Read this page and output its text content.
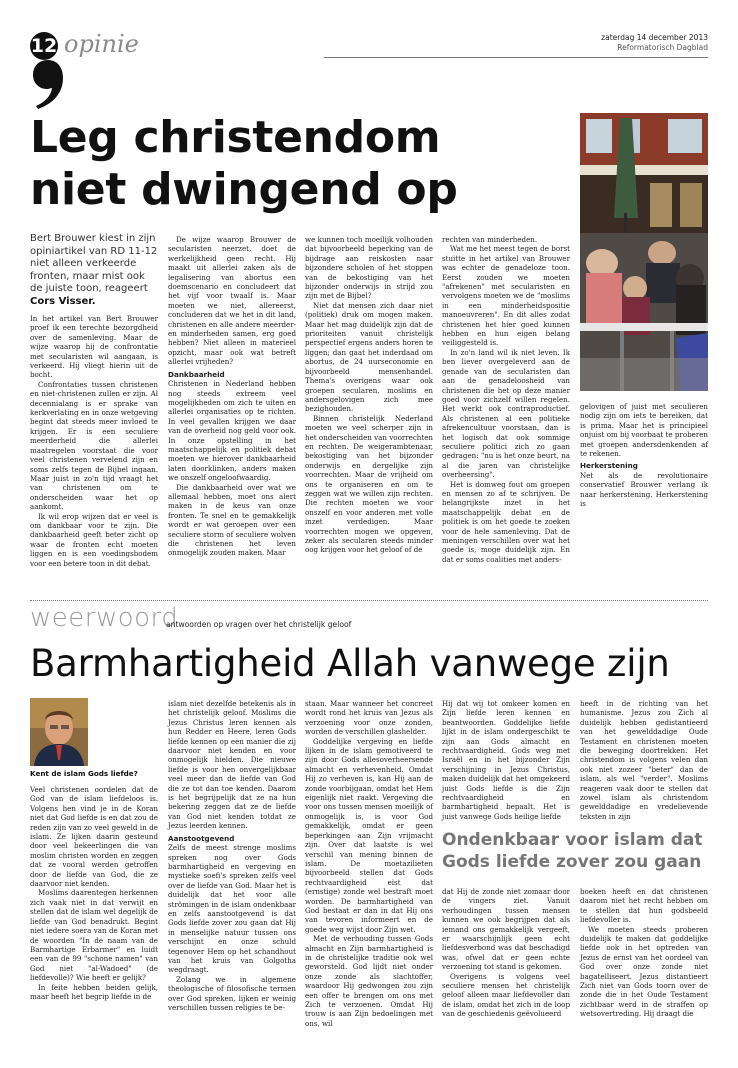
12 opinie	zaterdag 14 december 2013
Reformatorisch Dagblad
Leg christendom
niet dwingend op
Bert Brouwer kiest in zijn opiniartikel van RD 11-12 niet alleen verkeerde fronten, maar mist ook de juiste toon, reageert Cors Visser.

In het artikel van Bert Brouwer proef ik een terechte bezorgdheid over de samenleving. Maar de wijze waarop hij de confrontatie met secularisten wil aangaan, is verkeerd. Hij vliegt hierin uit de bocht.

Confrontaties tussen christenen en niet-christenen zullen er zijn. Al decennialang is er sprake van kerkverlating en in onze wetgeving begint dat steeds meer invloed te krijgen. Er is een seculiere meerderheid die allerlei maatregelen voorstaat die voor veel christenen vervelend zijn en soms zelfs tegen de Bijbel ingaan. Maar juist in zo'n tijd vraagt het van christenen om te onderscheiden waar het op aankomt.

Ik wil erop wijzen dat er veel is om dankbaar voor te zijn. Die dankbaarheid geeft beter zicht op waar de fronten echt moeten liggen en is een voedingsbodem voor een betere toon in dit debat.

De wijze waarop Brouwer de secularisten neerzet, doet de werkelijkheid geen recht. Hij maakt uit allerlei zaken als de legalisering van abortus een doemscenario en concludeert dat het vijf voor twaalf is. Maar moeten we niet, allereerst, concluderen dat we het in dit land, christenen en alle andere meerder- en minderheden samen, erg goed hebben? Niet alleen in materieel opzicht, maar ook wat betreft allerlei vrijheden?

Dankbaarheid

Christenen in Nederland hebben nog steeds extreem veel mogelijkheden om zich te uiten en allerlei organisaties op te richten. In veel gevallen krijgen we daar van de overheid nog geld voor ook. In onze opstelling in het maatschappelijk en politiek debat moeten we hierover dankbaarheid laten doorklinken, anders maken we onszelf ongeloofwaardig.

Die dankbaarheid over wat we allemaal hebben, moet ons alert maken in de keus van onze fronten. Te snel en te gemakkelijk wordt er wat geroepen over een seculiere storm of seculiere wolven die christenen het leven onmogelijk zouden maken. Maar

we kunnen toch moeilijk volhouden dat bijvoorbeeld beperking van de bijdrage aan reiskosten naar bijzondere scholen of het stoppen van de bekostiging van het bijzonder onderwijs in strijd zou zijn met de Bijbel?

Niet dat mensen zich daar niet (politiek) druk om mogen maken. Maar het mag duidelijk zijn dat de prioriteiten vanuit christelijk perspectief ergens anders horen te liggen; dan gaat het inderdaad om abortus, de 24 uurseconomie en bijvoorbeeld mensenhandel. Thema's overigens waar ook groepen secularen, moslims en andersgelovigen zich mee bezighouden.

Binnen christelijk Nederland moeten we veel scherper zijn in het onderscheiden van voorrechten en rechten. De weigerambtenaar, bekostiging van het bijzonder onderwijs en dergelijke zijn voorrechten. Maar de vrijheid om ons te organiseren en om te zeggen wat we willen zijn rechten. Die rechten moeten we voor onszelf en voor anderen met volle inzet verdedigen. Maar voorrechten mogen we opgeven, zeker als secularen steeds minder oog krijgen voor het geloof of de

rechten van minderheden.

Wat me het meest tegen de borst stuitte in het artikel van Brouwer was echter de genadeloze toon. Eerst zouden we moeten "afrekenen" met secularisten en vervolgens moeten we de "moslims in een minderheidspositie manoeuvreren". En dit alles zodat christenen het hier goed kunnen hebben en hun eigen belang veiliggesteld is.

In zo'n land wil ik niet leven. Ik ben liever overgeleverd aan de genade van de secularisten dan aan de genadeloosheid van christenen die het op deze manier goed voor zichzelf willen regelen. Het werkt ook contraproductief. Als christenen al een politieke afrekencultuur voorstaan, dan is het logisch dat ook sommige seculiere politici zich zo gaan gedragen: "nu is het onze beurt, na al die jaren van christelijke overheersing".

Het is domweg fout om groepen en mensen zo af te schrijven. De belangrijkste inzet in het maatschappelijk debat en de politiek is om het goede te zoeken voor de hele samenleving. Dat de meningen verschillen over wat het goede is, moge duidelijk zijn. En dat er soms coalities met anders-

gelovigen of juist met seculieren nodig zijn om iets te bereiken, dat is prima. Maar het is principieel onjuist om bij voorbaat te proberen met groepen andersdenkenden af te rekenen.

Herkerstening

Net als de revolutionaire conservatief Brouwer verlang ik naar herkerstening. Herkerstening is

weerwoord
antwoorden op vragen over het christelijk geloof
Barmhartigheid Allah vanwege zijn
Kent de islam Gods liefde?

Veel christenen oordelen dat de God van de islam liefdeloos is. Volgens hen vind je in de Koran niet dat God liefde is en dat zou de reden zijn van zo veel geweld in de islam. Ze lijken daarin gesteund door veel bekeerlingen die van moslim christen worden en zeggen dat ze vooral werden getroffen door de liefde van God, die ze daarvoor niet kenden.

Moslims daarentegen herkennen zich vaak niet in dat verwijt en stellen dat de islam wel degelijk de liefde van God benadrukt. Begint niet iedere soera van de Koran met de woorden "In de naam van de Barmhartige Erbarmer" en luidt een van de 99 "schone namen" van God niet "al-Wadoed" (de liefdevolle)? Wie heeft er gelijk?

In feite hebben beiden gelijk, maar heeft het begrip liefde in de

islam niet dezelfde betekenis als in het christelijk geloof. Moslims die Jezus Christus leren kennen als hun Redder en Heere, leren Gods liefde kennen op een manier die zij daarvoor niet kenden en voor onmogelijk hielden. Die nieuwe liefde is voor hen onvergelijkbaar veel meer dan de liefde van God die ze tot dan toe kenden. Daarom is het begrijpelijk dat ze na hun bekering zeggen dat ze de liefde van God niet kenden totdat ze Jezus leerden kennen.

Aanstootgevend

Zelfs de meest strenge moslims spreken nog over Gods barmhartigheid en vergeving en mystieke soefi's spreken zelfs veel over de liefde van God. Maar het is duidelijk dat het voor alle strömingen in de islam ondenkbaar en zelfs aanstootgevend is dat Gods liefde zover zou gaan dat Hij in menselijke natuur tussen ons verschijnt en onze schuld tegenover Hem op het schandhout van het kruis van Golgotha wegdraagt.

Zolang we in algemene theologische of filosofische termen over God spreken, lijken er weinig verschillen tussen religies te be-

staan. Maar wanneer het concreet wordt rond het kruis van Jezus als verzoening voor onze zonden, worden de verschillen glashelder.

Goddelijke vergeving en liefde lijken in de islam gemotiveerd te zijn door Gods allesoverheersende almacht en verhevenheid. Omdat Hij zo verheven is, kan Hij aan de zonde voorbijgaan, omdat het Hem eigenlijk niet raakt. Vergeving die voor ons tussen mensen moeilijk of onmogelijk is, is voor God gemakkelijk, omdat er geen beperkingen aan Zijn vrijmacht zijn. Over dat laatste is wel verschil van mening binnen de islam. De moetazilieten bijvoorbeeld stellen dat Gods rechtvaardigheid eist dat (ernstige) zonde wel bestraft moet worden. De barmhartigheid van God bestaat er dan in dat Hij ons van tevoren informeert en de goede weg wijst door Zijn wet.

Met de verhouding tussen Gods almacht en Zijn barmhartigheid is in de christelijke traditie ook wel geworsteld. God lijdt niet onder onze zonde als slachtoffer, waardoor Hij gedwongen zou zijn een offer te brengen om ons met Zich te verzoenen. Omdat Hij trouw is aan Zijn bedoelingen met ons, wil

Hij dat wij tot omkeer komen en Zijn liefde leren kennen en beantwoorden. Goddelijke liefde lijkt in de islam ondergeschikt te zijn aan Gods almacht en rechtvaardigheid. Gods weg met Israël en in het bijzonder Zijn verschijning in Jezus Christus, maken duidelijk dat het omgekeerd juist Gods liefde is die Zijn rechtvaardigheid en barmhartigheid bepaalt. Het is juist vanwege Gods heilige liefde

heeft in de richting van het humanisme. Jezus zou Zich al duidelijk hebben gedistantieerd van het gewelddadige Oude Testament en christenen moeten die beweging doortrekken. Het christendom is volgens velen dan ook niet zozeer "beter" dan de islam, als wel "verder". Moslims reageren vaak door te stellen dat zowel islam als christendom gewelddadige en vredelievende teksten in zijn

Ondenkbaar voor islam dat Gods liefde zover zou gaan

dat Hij de zonde niet zomaar door de vingers ziet. Vanuit verhoudingen tussen mensen kunnen we ook begrijpen dat als iemand ons gemakkelijk vergeeft, er waarschijnlijk geen echt liefdesverbond was dat beschadigd was, ofwel dat er geen echte verzoening tot stand is gekomen.

Overigens is volgens veel seculiere mensen het christelijk geloof alleen maar liefdevoller dan de islam, omdat het zich in de loop van de geschiedenis geëvolueerd

boeken heeft en dat christenen daarom niet het recht hebben om te stellen dat hun godsbeeld liefdevoller is.

We moeten steeds proberen duidelijk te maken dat goddelijke liefde ook in het optreden van Jezus de ernst van het oordeel van God over onze zonde niet bagatelliseert. Jezus distantieert Zich niet van Gods toorn over de zonde die in het Oude Testament zichtbaar werd in de straffen op wetsovertreding. Hij draagt die
